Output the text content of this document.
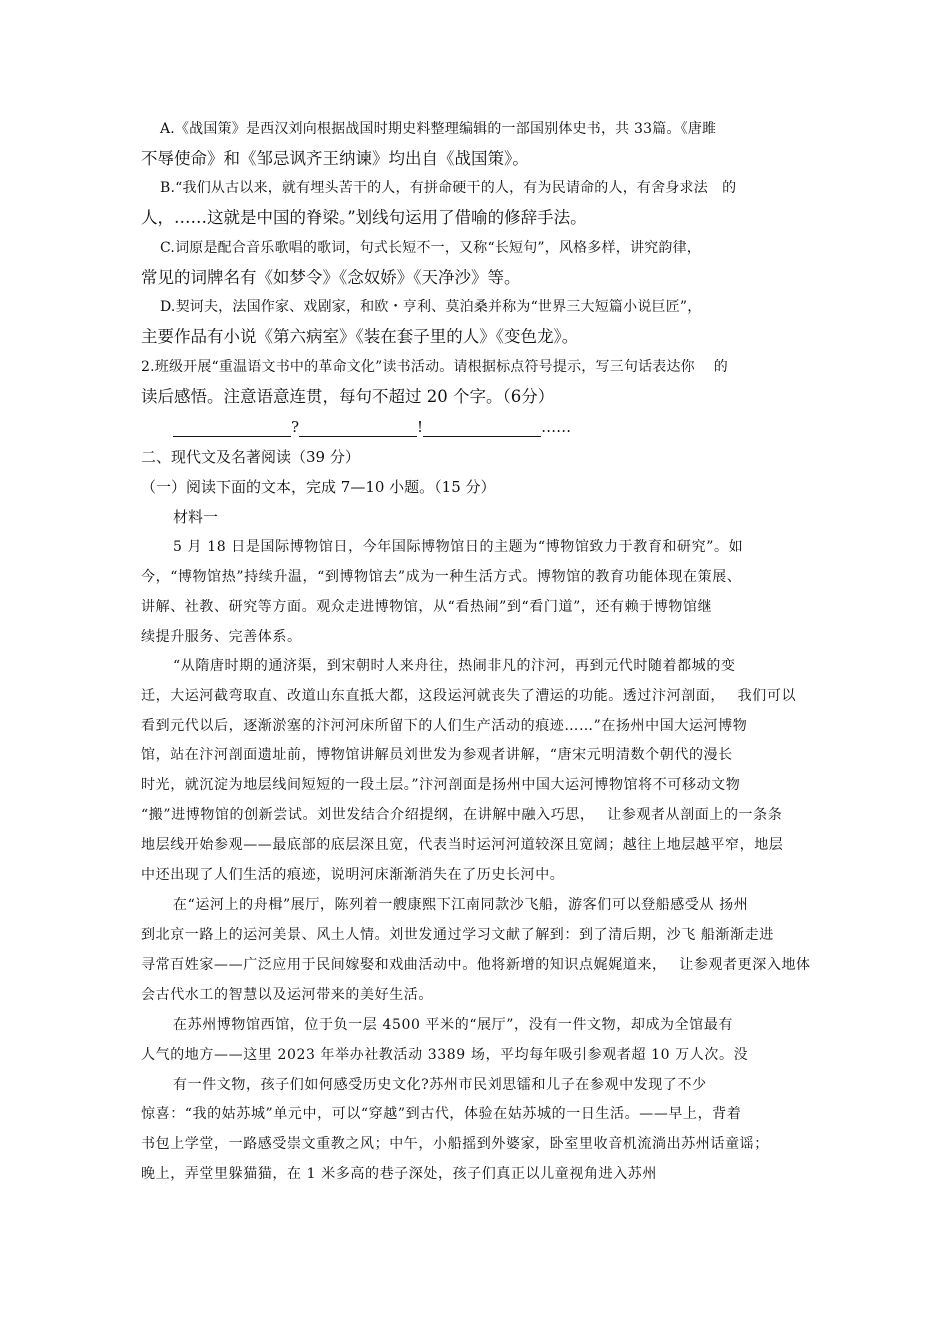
A.《战国策》是西汉刘向根据战国时期史料整理编辑的一部国别体史书，共 33篇。《唐雎
不辱使命》和《邹忌讽齐王纳谏》均出自《战国策》。
B.“我们从古以来，就有埋头苦干的人，有拼命硬干的人，有为民请命的人，有舍身求法　的
人，……这就是中国的脊梁。”划线句运用了借喻的修辞手法。
C.词原是配合音乐歌唱的歌词，句式长短不一，又称“长短句”，风格多样，讲究韵律，
常见的词牌名有《如梦令》《念奴娇》《天净沙》等。
D.契诃夫，法国作家、戏剧家，和欧・亨利、莫泊桑并称为“世界三大短篇小说巨匠”，
主要作品有小说《第六病室》《装在套子里的人》《变色龙》。
2.班级开展“重温语文书中的革命文化”读书活动。请根据标点符号提示，写三句话表达你　 的
读后感悟。注意语意连贯，每句不超过 20 个字。（6分）
?	!	……
二、现代文及名著阅读（39 分）
（一）阅读下面的文本，完成 7—10 小题。（15 分）
材料一
5 月 18 日是国际博物馆日，今年国际博物馆日的主题为“博物馆致力于教育和研究”。如
今，“博物馆热”持续升温，“到博物馆去”成为一种生活方式。博物馆的教育功能体现在策展、
讲解、社教、研究等方面。观众走进博物馆，从“看热闹”到“看门道”，还有赖于博物馆继
续提升服务、完善体系。
“从隋唐时期的通济渠，到宋朝时人来舟往，热闹非凡的汴河，再到元代时随着都城的变
迁，大运河截弯取直、改道山东直抵大都，这段运河就丧失了漕运的功能。透过汴河剖面，　 我们可以
看到元代以后，逐渐淤塞的汴河河床所留下的人们生产活动的痕迹……”在扬州中国大运河博物
馆，站在汴河剖面遗址前，博物馆讲解员刘世发为参观者讲解，“唐宋元明清数个朝代的漫长
时光，就沉淀为地层线间短短的一段土层。”汴河剖面是扬州中国大运河博物馆将不可移动文物
“搬”进博物馆的创新尝试。刘世发结合介绍提纲，在讲解中融入巧思，　 让参观者从剖面上的一条条
地层线开始参观——最底部的底层深且宽，代表当时运河河道较深且宽阔；越往上地层越平窄，地层
中还出现了人们生活的痕迹，说明河床渐渐消失在了历史长河中。
在“运河上的舟楫”展厅，陈列着一艘康熙下江南同款沙飞船，游客们可以登船感受从 扬州
到北京一路上的运河美景、风土人情。刘世发通过学习文献了解到：到了清后期，沙飞 船渐渐走进
寻常百姓家——广泛应用于民间嫁娶和戏曲活动中。他将新增的知识点娓娓道来，　 让参观者更深入地体
会古代水工的智慧以及运河带来的美好生活。
在苏州博物馆西馆，位于负一层 4500 平米的“展厅”，没有一件文物，却成为全馆最有
人气的地方——这里 2023 年举办社教活动 3389 场，平均每年吸引参观者超 10 万人次。没
有一件文物，孩子们如何感受历史文化?苏州市民刘思镭和儿子在参观中发现了不少
惊喜：“我的姑苏城”单元中，可以“穿越”到古代，体验在姑苏城的一日生活。——早上，背着
书包上学堂，一路感受崇文重教之风；中午，小船摇到外婆家，卧室里收音机流淌出苏州话童谣；
晚上，弄堂里躲猫猫，在 1 米多高的巷子深处，孩子们真正以儿童视角进入苏州
